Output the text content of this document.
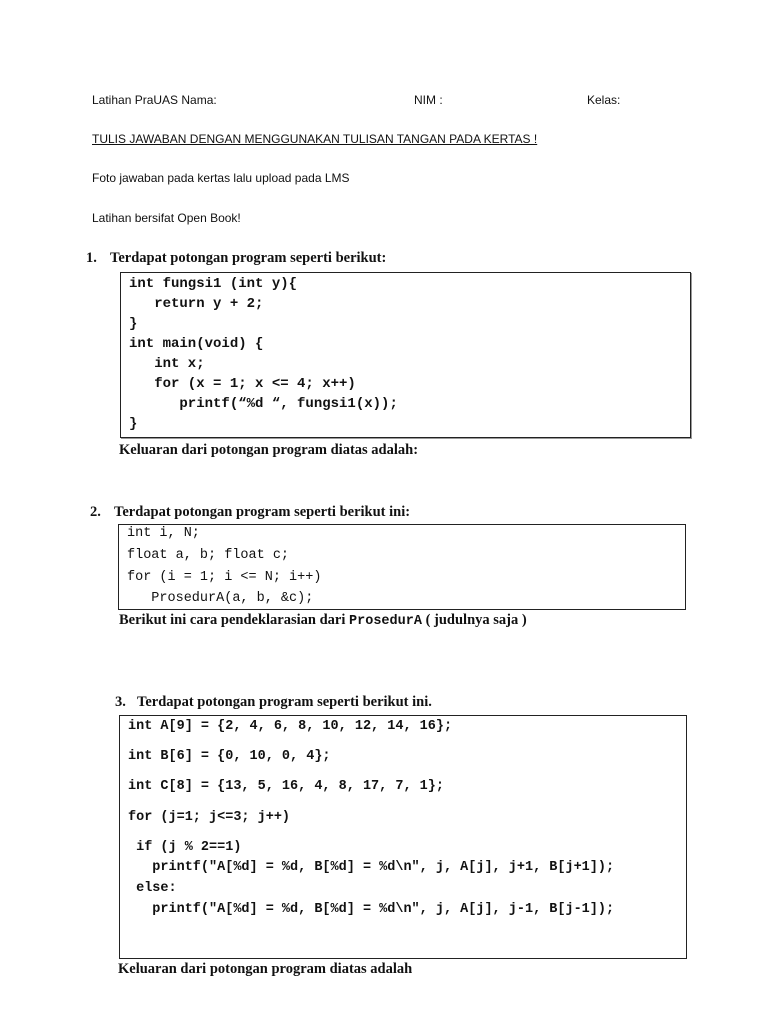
Latihan PraUAS Nama:	NIM :	Kelas:
TULIS JAWABAN DENGAN MENGGUNAKAN TULISAN TANGAN PADA KERTAS !
Foto jawaban pada kertas lalu upload pada LMS
Latihan bersifat Open Book!
1. Terdapat potongan program seperti berikut:
int fungsi1 (int y){
return y + 2;
}
int main(void) {
int x;
for (x = 1; x <= 4; x++)
printf(“%d “, fungsi1(x));
}
Keluaran dari potongan program diatas adalah:
2. Terdapat potongan program seperti berikut ini:
int i, N;
float a, b; float c;
for (i = 1; i <= N; i++)
ProsedurA(a, b, &c);
Berikut ini cara pendeklarasian dari ProsedurA ( judulnya saja )
3. Terdapat potongan program seperti berikut ini.
int A[9] = {2, 4, 6, 8, 10, 12, 14, 16};
int B[6] = {0, 10, 0, 4};
int C[8] = {13, 5, 16, 4, 8, 17, 7, 1};
for (j=1; j<=3; j++)
if (j % 2==1)
printf("A[%d] = %d, B[%d] = %d\n", j, A[j], j+1, B[j+1]);
else:
printf("A[%d] = %d, B[%d] = %d\n", j, A[j], j-1, B[j-1]);
Keluaran dari potongan program diatas adalah
